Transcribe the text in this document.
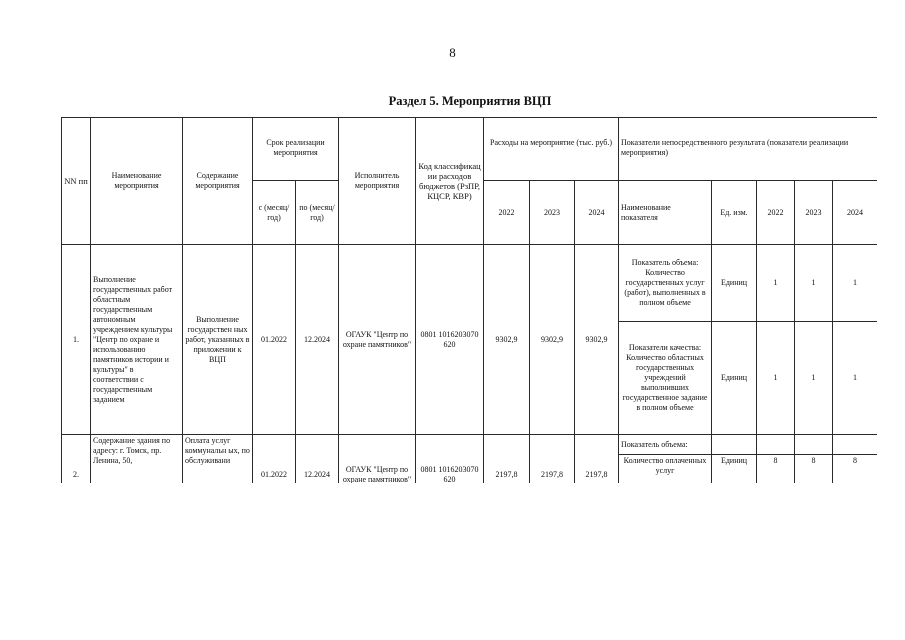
8
Раздел 5. Мероприятия ВЦП
NN пп	Наименование мероприятия	Содержание мероприятия	Срок реализации мероприятия		Исполнитель мероприятия	Код классификац ии расходов бюджетов (РзПР, КЦСР, КВР)	Расходы на мероприятие (тыс. руб.)			Показатели непосредственного результата (показатели реализации мероприятия)				
			с (месяц/ год)	по (месяц/ год)			2022	2023	2024	Наименование показателя	Ед. изм.	2022	2023	2024
1.	Выполнение государственных работ областным государственным автономным учреждением культуры "Центр по охране и использованию памятников истории и культуры" в соответствии с государственным заданием	Выполнение государствен ных работ, указанных в приложении к ВЦП	01.2022	12.2024	ОГАУК "Центр по охране памятников"	0801 1016203070 620	9302,9	9302,9	9302,9	Показатель объема: Количество государственных услуг (работ), выполненных в полном объеме	Единиц	1	1	1
										Показатели качества: Количество областных государственных учреждений выполнивших государственное задание в полном объеме	Единиц	1	1	1
2.	Содержание здания по адресу: г. Томск, пр. Ленина, 50,	Оплата услуг коммунальн ых, по обслуживани	01.2022	12.2024	ОГАУК "Центр по охране памятников"	0801 1016203070 620	2197,8	2197,8	2197,8	Показатель объема:				
										Количество оплаченных услуг	Единиц	8	8	8
